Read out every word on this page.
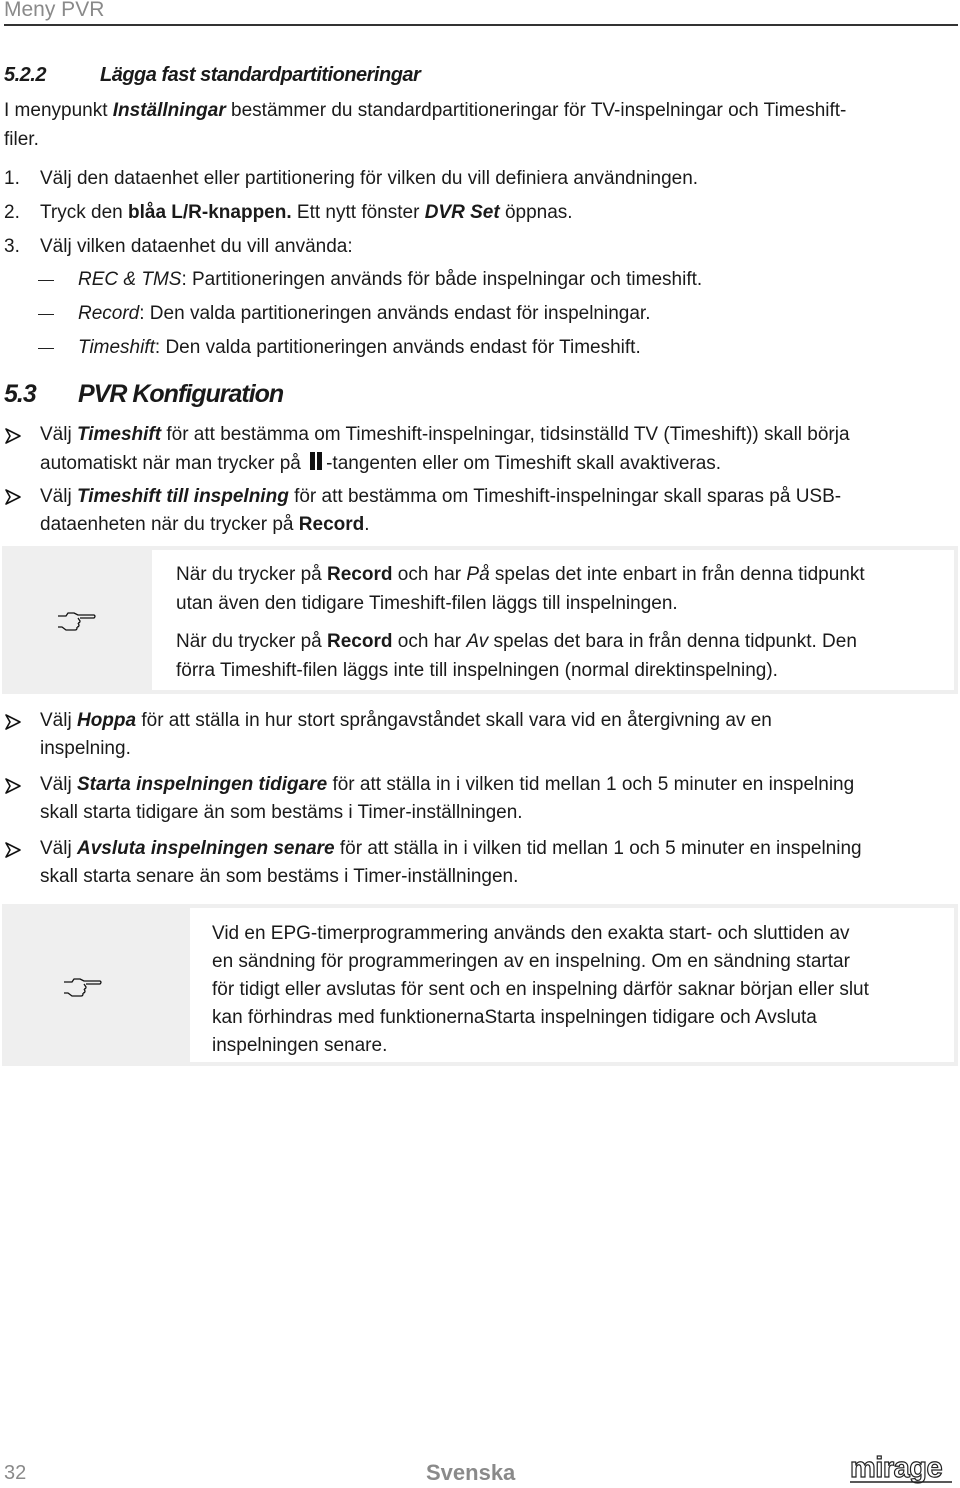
Meny PVR
5.2.2	Lägga fast standardpartitioneringar
I menypunkt Inställningar bestämmer du standardpartitioneringar för TV-inspelningar och Timeshift-
filer.
1. Välj den dataenhet eller partitionering för vilken du vill definiera användningen.
2. Tryck den blåa L/R-knappen. Ett nytt fönster DVR Set öppnas.
3. Välj vilken dataenhet du vill använda:
REC & TMS: Partitioneringen används för både inspelningar och timeshift.
Record: Den valda partitioneringen används endast för inspelningar.
Timeshift: Den valda partitioneringen används endast för Timeshift.
5.3 PVR Konfiguration
Välj Timeshift för att bestämma om Timeshift-inspelningar, tidsinställd TV (Timeshift)) skall börja
automatiskt när man trycker på -tangenten eller om Timeshift skall avaktiveras.
Välj Timeshift till inspelning för att bestämma om Timeshift-inspelningar skall sparas på USB-
dataenheten när du trycker på Record.
När du trycker på Record och har På spelas det inte enbart in från denna tidpunkt
utan även den tidigare Timeshift-filen läggs till inspelningen.
När du trycker på Record och har Av spelas det bara in från denna tidpunkt. Den
förra Timeshift-filen läggs inte till inspelningen (normal direktinspelning).
Välj Hoppa för att ställa in hur stort språngavståndet skall vara vid en återgivning av en
inspelning.
Välj Starta inspelningen tidigare för att ställa in i vilken tid mellan 1 och 5 minuter en inspelning
skall starta tidigare än som bestäms i Timer-inställningen.
Välj Avsluta inspelningen senare för att ställa in i vilken tid mellan 1 och 5 minuter en inspelning
skall starta senare än som bestäms i Timer-inställningen.
Vid en EPG-timerprogrammering används den exakta start- och sluttiden av
en sändning för programmeringen av en inspelning. Om en sändning startar
för tidigt eller avslutas för sent och en inspelning därför saknar början eller slut
kan förhindras med funktionernaStarta inspelningen tidigare och Avsluta
inspelningen senare.
32	Svenska	mirage
